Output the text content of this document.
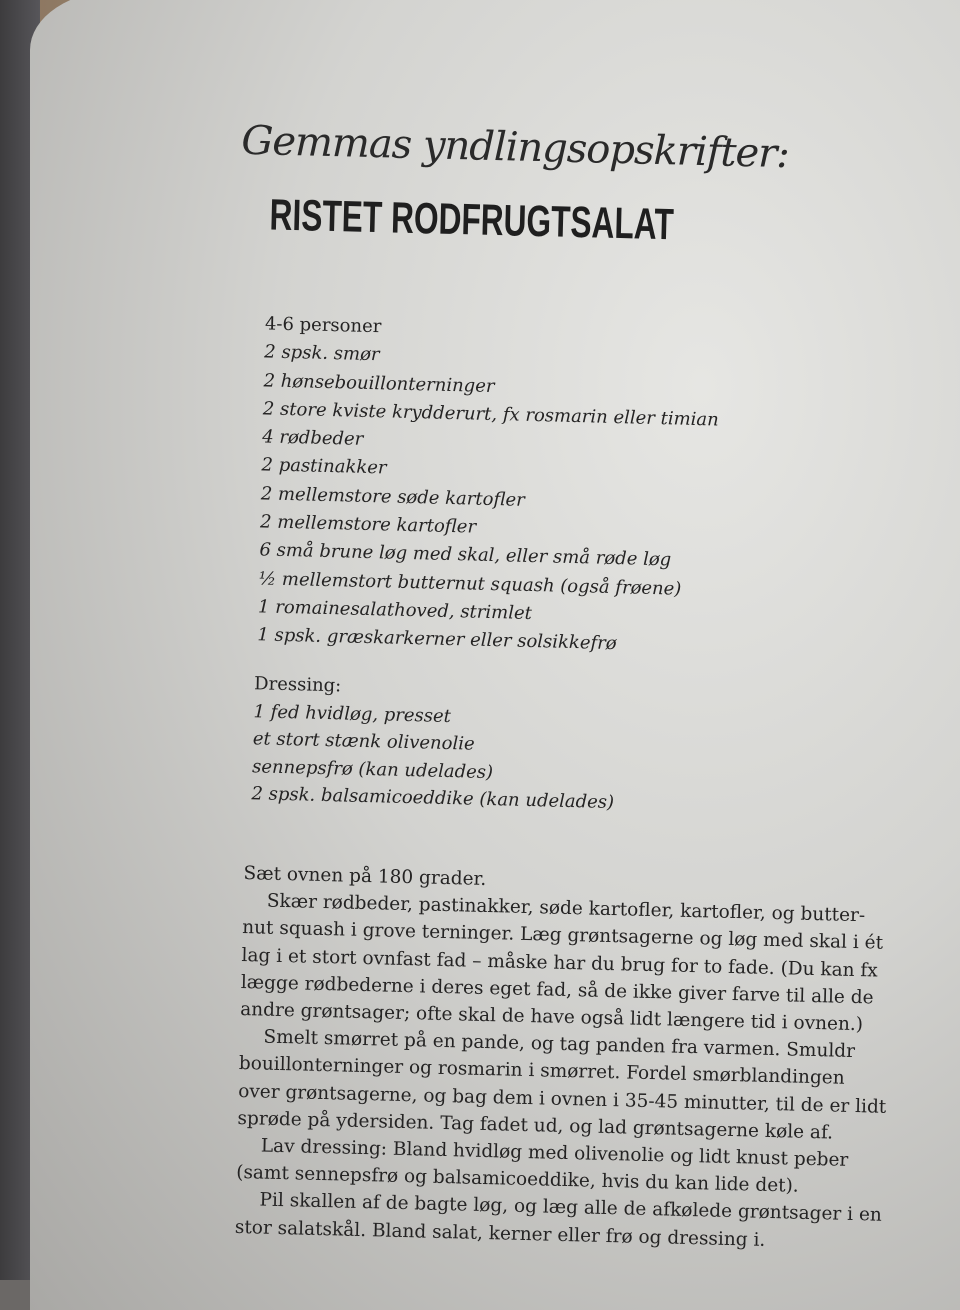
Gemmas yndlingsopskrifter:
RISTET RODFRUGTSALAT
4-6 personer
2 spsk. smør
2 hønsebouillonterninger
2 store kviste krydderurt, fx rosmarin eller timian
4 rødbeder
2 pastinakker
2 mellemstore søde kartofler
2 mellemstore kartofler
6 små brune løg med skal, eller små røde løg
½ mellemstort butternut squash (også frøene)
1 romainesalathoved, strimlet
1 spsk. græskarkerner eller solsikkefrø
Dressing:
1 fed hvidløg, presset
et stort stænk olivenolie
sennepsfrø (kan udelades)
2 spsk. balsamicoeddike (kan udelades)
Sæt ovnen på 180 grader.
Skær rødbeder, pastinakker, søde kartofler, kartofler, og butter-
nut squash i grove terninger. Læg grøntsagerne og løg med skal i ét
lag i et stort ovnfast fad – måske har du brug for to fade. (Du kan fx
lægge rødbederne i deres eget fad, så de ikke giver farve til alle de
andre grøntsager; ofte skal de have også lidt længere tid i ovnen.)
Smelt smørret på en pande, og tag panden fra varmen. Smuldr
bouillonterninger og rosmarin i smørret. Fordel smørblandingen
over grøntsagerne, og bag dem i ovnen i 35-45 minutter, til de er lidt
sprøde på ydersiden. Tag fadet ud, og lad grøntsagerne køle af.
Lav dressing: Bland hvidløg med olivenolie og lidt knust peber
(samt sennepsfrø og balsamicoeddike, hvis du kan lide det).
Pil skallen af de bagte løg, og læg alle de afkølede grøntsager i en
stor salatskål. Bland salat, kerner eller frø og dressing i.
